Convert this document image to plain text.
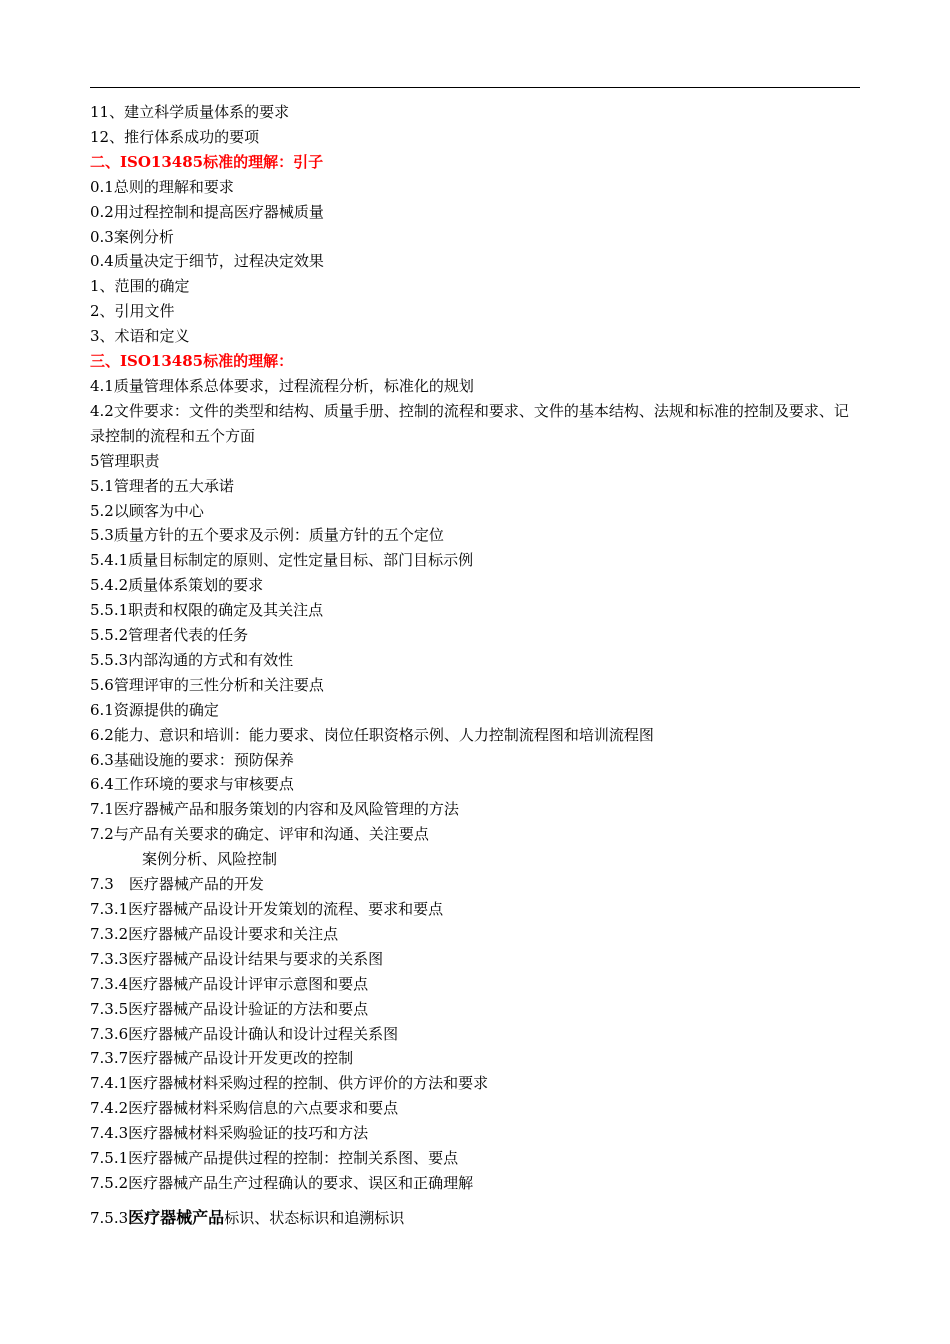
11、建立科学质量体系的要求
12、推行体系成功的要项
二、ISO13485标准的理解：引子
0.1总则的理解和要求
0.2用过程控制和提高医疗器械质量
0.3案例分析
0.4质量决定于细节，过程决定效果
1、范围的确定
2、引用文件
3、术语和定义
三、ISO13485标准的理解：
4.1质量管理体系总体要求，过程流程分析，标准化的规划
4.2文件要求：文件的类型和结构、质量手册、控制的流程和要求、文件的基本结构、法规和标准的控制及要求、记录控制的流程和五个方面
5管理职责
5.1管理者的五大承诺
5.2以顾客为中心
5.3质量方针的五个要求及示例：质量方针的五个定位
5.4.1质量目标制定的原则、定性定量目标、部门目标示例
5.4.2质量体系策划的要求
5.5.1职责和权限的确定及其关注点
5.5.2管理者代表的任务
5.5.3内部沟通的方式和有效性
5.6管理评审的三性分析和关注要点
6.1资源提供的确定
6.2能力、意识和培训：能力要求、岗位任职资格示例、人力控制流程图和培训流程图
6.3基础设施的要求：预防保养
6.4工作环境的要求与审核要点
7.1医疗器械产品和服务策划的内容和及风险管理的方法
7.2与产品有关要求的确定、评审和沟通、关注要点
案例分析、风险控制
7.3　医疗器械产品的开发
7.3.1医疗器械产品设计开发策划的流程、要求和要点
7.3.2医疗器械产品设计要求和关注点
7.3.3医疗器械产品设计结果与要求的关系图
7.3.4医疗器械产品设计评审示意图和要点
7.3.5医疗器械产品设计验证的方法和要点
7.3.6医疗器械产品设计确认和设计过程关系图
7.3.7医疗器械产品设计开发更改的控制
7.4.1医疗器械材料采购过程的控制、供方评价的方法和要求
7.4.2医疗器械材料采购信息的六点要求和要点
7.4.3医疗器械材料采购验证的技巧和方法
7.5.1医疗器械产品提供过程的控制：控制关系图、要点
7.5.2医疗器械产品生产过程确认的要求、误区和正确理解
7.5.3医疗器械产品标识、状态标识和追溯标识
